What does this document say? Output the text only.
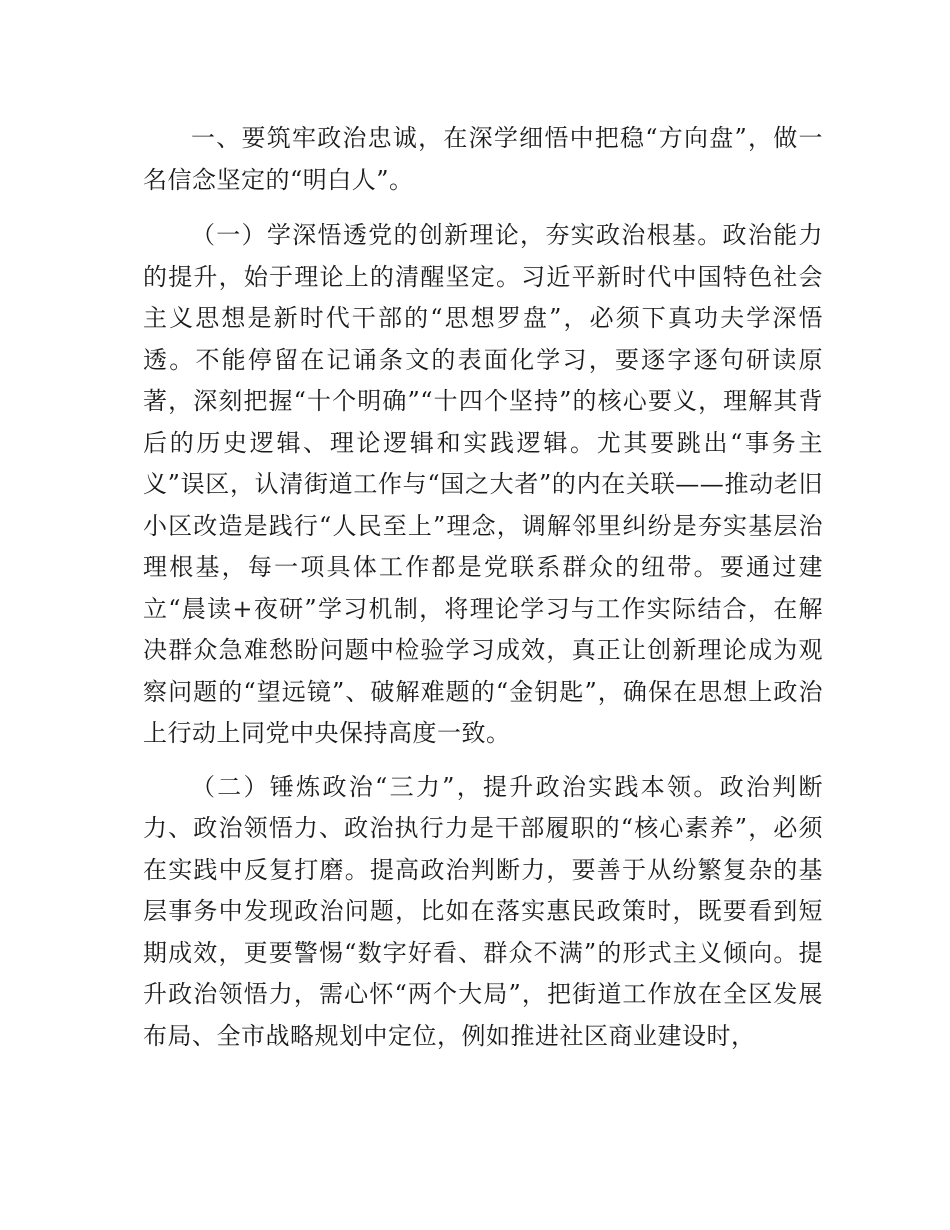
一、要筑牢政治忠诚，在深学细悟中把稳“方向盘”，做一名信念坚定的“明白人”。

（一）学深悟透党的创新理论，夯实政治根基。政治能力的提升，始于理论上的清醒坚定。习近平新时代中国特色社会主义思想是新时代干部的“思想罗盘”，必须下真功夫学深悟透。不能停留在记诵条文的表面化学习，要逐字逐句研读原著，深刻把握“十个明确”“十四个坚持”的核心要义，理解其背后的历史逻辑、理论逻辑和实践逻辑。尤其要跳出“事务主义”误区，认清街道工作与“国之大者”的内在关联——推动老旧小区改造是践行“人民至上”理念，调解邻里纠纷是夯实基层治理根基，每一项具体工作都是党联系群众的纽带。要通过建立“晨读+夜研”学习机制，将理论学习与工作实际结合，在解决群众急难愁盼问题中检验学习成效，真正让创新理论成为观察问题的“望远镜”、破解难题的“金钥匙”，确保在思想上政治上行动上同党中央保持高度一致。

（二）锤炼政治“三力”，提升政治实践本领。政治判断力、政治领悟力、政治执行力是干部履职的“核心素养”，必须在实践中反复打磨。提高政治判断力，要善于从纷繁复杂的基层事务中发现政治问题，比如在落实惠民政策时，既要看到短期成效，更要警惕“数字好看、群众不满”的形式主义倾向。提升政治领悟力，需心怀“两个大局”，把街道工作放在全区发展布局、全市战略规划中定位，例如推进社区商业建设时，
